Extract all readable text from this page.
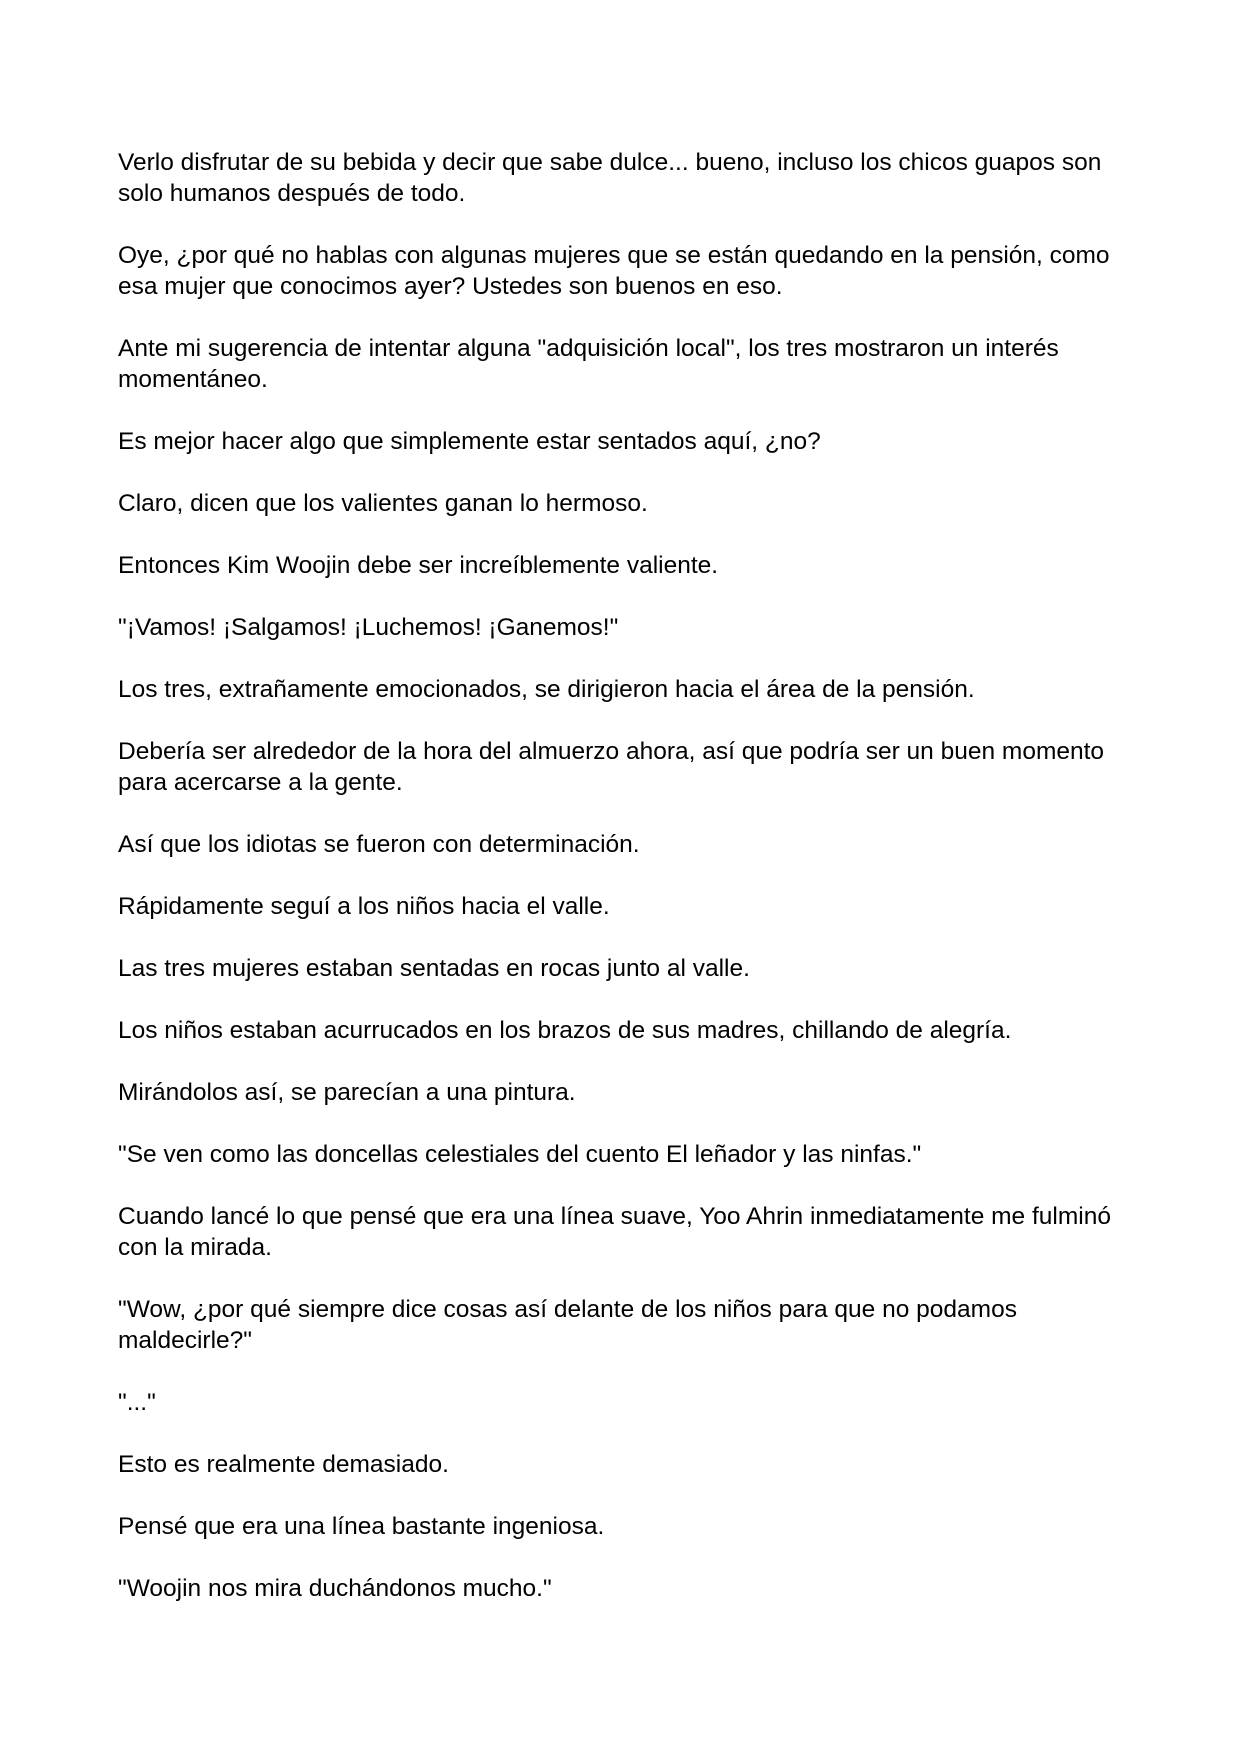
Verlo disfrutar de su bebida y decir que sabe dulce... bueno, incluso los chicos guapos son solo humanos después de todo.

Oye, ¿por qué no hablas con algunas mujeres que se están quedando en la pensión, como esa mujer que conocimos ayer? Ustedes son buenos en eso.

Ante mi sugerencia de intentar alguna "adquisición local", los tres mostraron un interés momentáneo.

Es mejor hacer algo que simplemente estar sentados aquí, ¿no?

Claro, dicen que los valientes ganan lo hermoso.

Entonces Kim Woojin debe ser increíblemente valiente.

"¡Vamos! ¡Salgamos! ¡Luchemos! ¡Ganemos!"

Los tres, extrañamente emocionados, se dirigieron hacia el área de la pensión.

Debería ser alrededor de la hora del almuerzo ahora, así que podría ser un buen momento para acercarse a la gente.

Así que los idiotas se fueron con determinación.

Rápidamente seguí a los niños hacia el valle.

Las tres mujeres estaban sentadas en rocas junto al valle.

Los niños estaban acurrucados en los brazos de sus madres, chillando de alegría.

Mirándolos así, se parecían a una pintura.

"Se ven como las doncellas celestiales del cuento El leñador y las ninfas."

Cuando lancé lo que pensé que era una línea suave, Yoo Ahrin inmediatamente me fulminó con la mirada.

"Wow, ¿por qué siempre dice cosas así delante de los niños para que no podamos maldecirle?"

"..."

Esto es realmente demasiado.

Pensé que era una línea bastante ingeniosa.

"Woojin nos mira duchándonos mucho."
